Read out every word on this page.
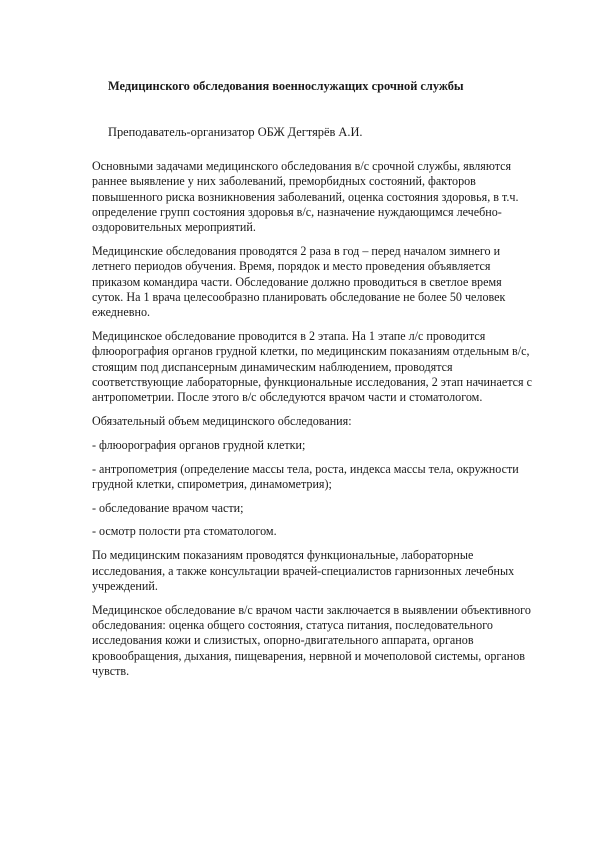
Медицинского обследования военнослужащих срочной службы
Преподаватель-организатор ОБЖ Дегтярёв А.И.

Основными задачами медицинского обследования в/с срочной службы, являются раннее выявление у них заболеваний, преморбидных состояний, факторов повышенного риска возникновения заболеваний, оценка состояния здоровья, в т.ч. определение групп состояния здоровья в/с, назначение нуждающимся лечебно-оздоровительных мероприятий.

Медицинские обследования проводятся 2 раза в год – перед началом зимнего и летнего периодов обучения. Время, порядок и место проведения объявляется приказом командира части. Обследование должно проводиться в светлое время суток. На 1 врача целесообразно планировать обследование не более 50 человек ежедневно.

Медицинское обследование проводится в 2 этапа. На 1 этапе л/с проводится флюорография органов грудной клетки, по медицинским показаниям отдельным в/с, стоящим под диспансерным динамическим наблюдением, проводятся соответствующие лабораторные, функциональные исследования, 2 этап начинается с антропометрии. После этого в/с обследуются врачом части и стоматологом.

Обязательный объем медицинского обследования:

- флюорография органов грудной клетки;

- антропометрия (определение массы тела, роста, индекса массы тела, окружности грудной клетки, спирометрия, динамометрия);

- обследование врачом части;

- осмотр полости рта стоматологом.

По медицинским показаниям проводятся функциональные, лабораторные исследования, а также консультации врачей-специалистов гарнизонных лечебных учреждений.

Медицинское обследование в/с врачом части заключается в выявлении объективного обследования: оценка общего состояния, статуса питания, последовательного исследования кожи и слизистых, опорно-двигательного аппарата, органов кровообращения, дыхания, пищеварения, нервной и мочеполовой системы, органов чувств.
